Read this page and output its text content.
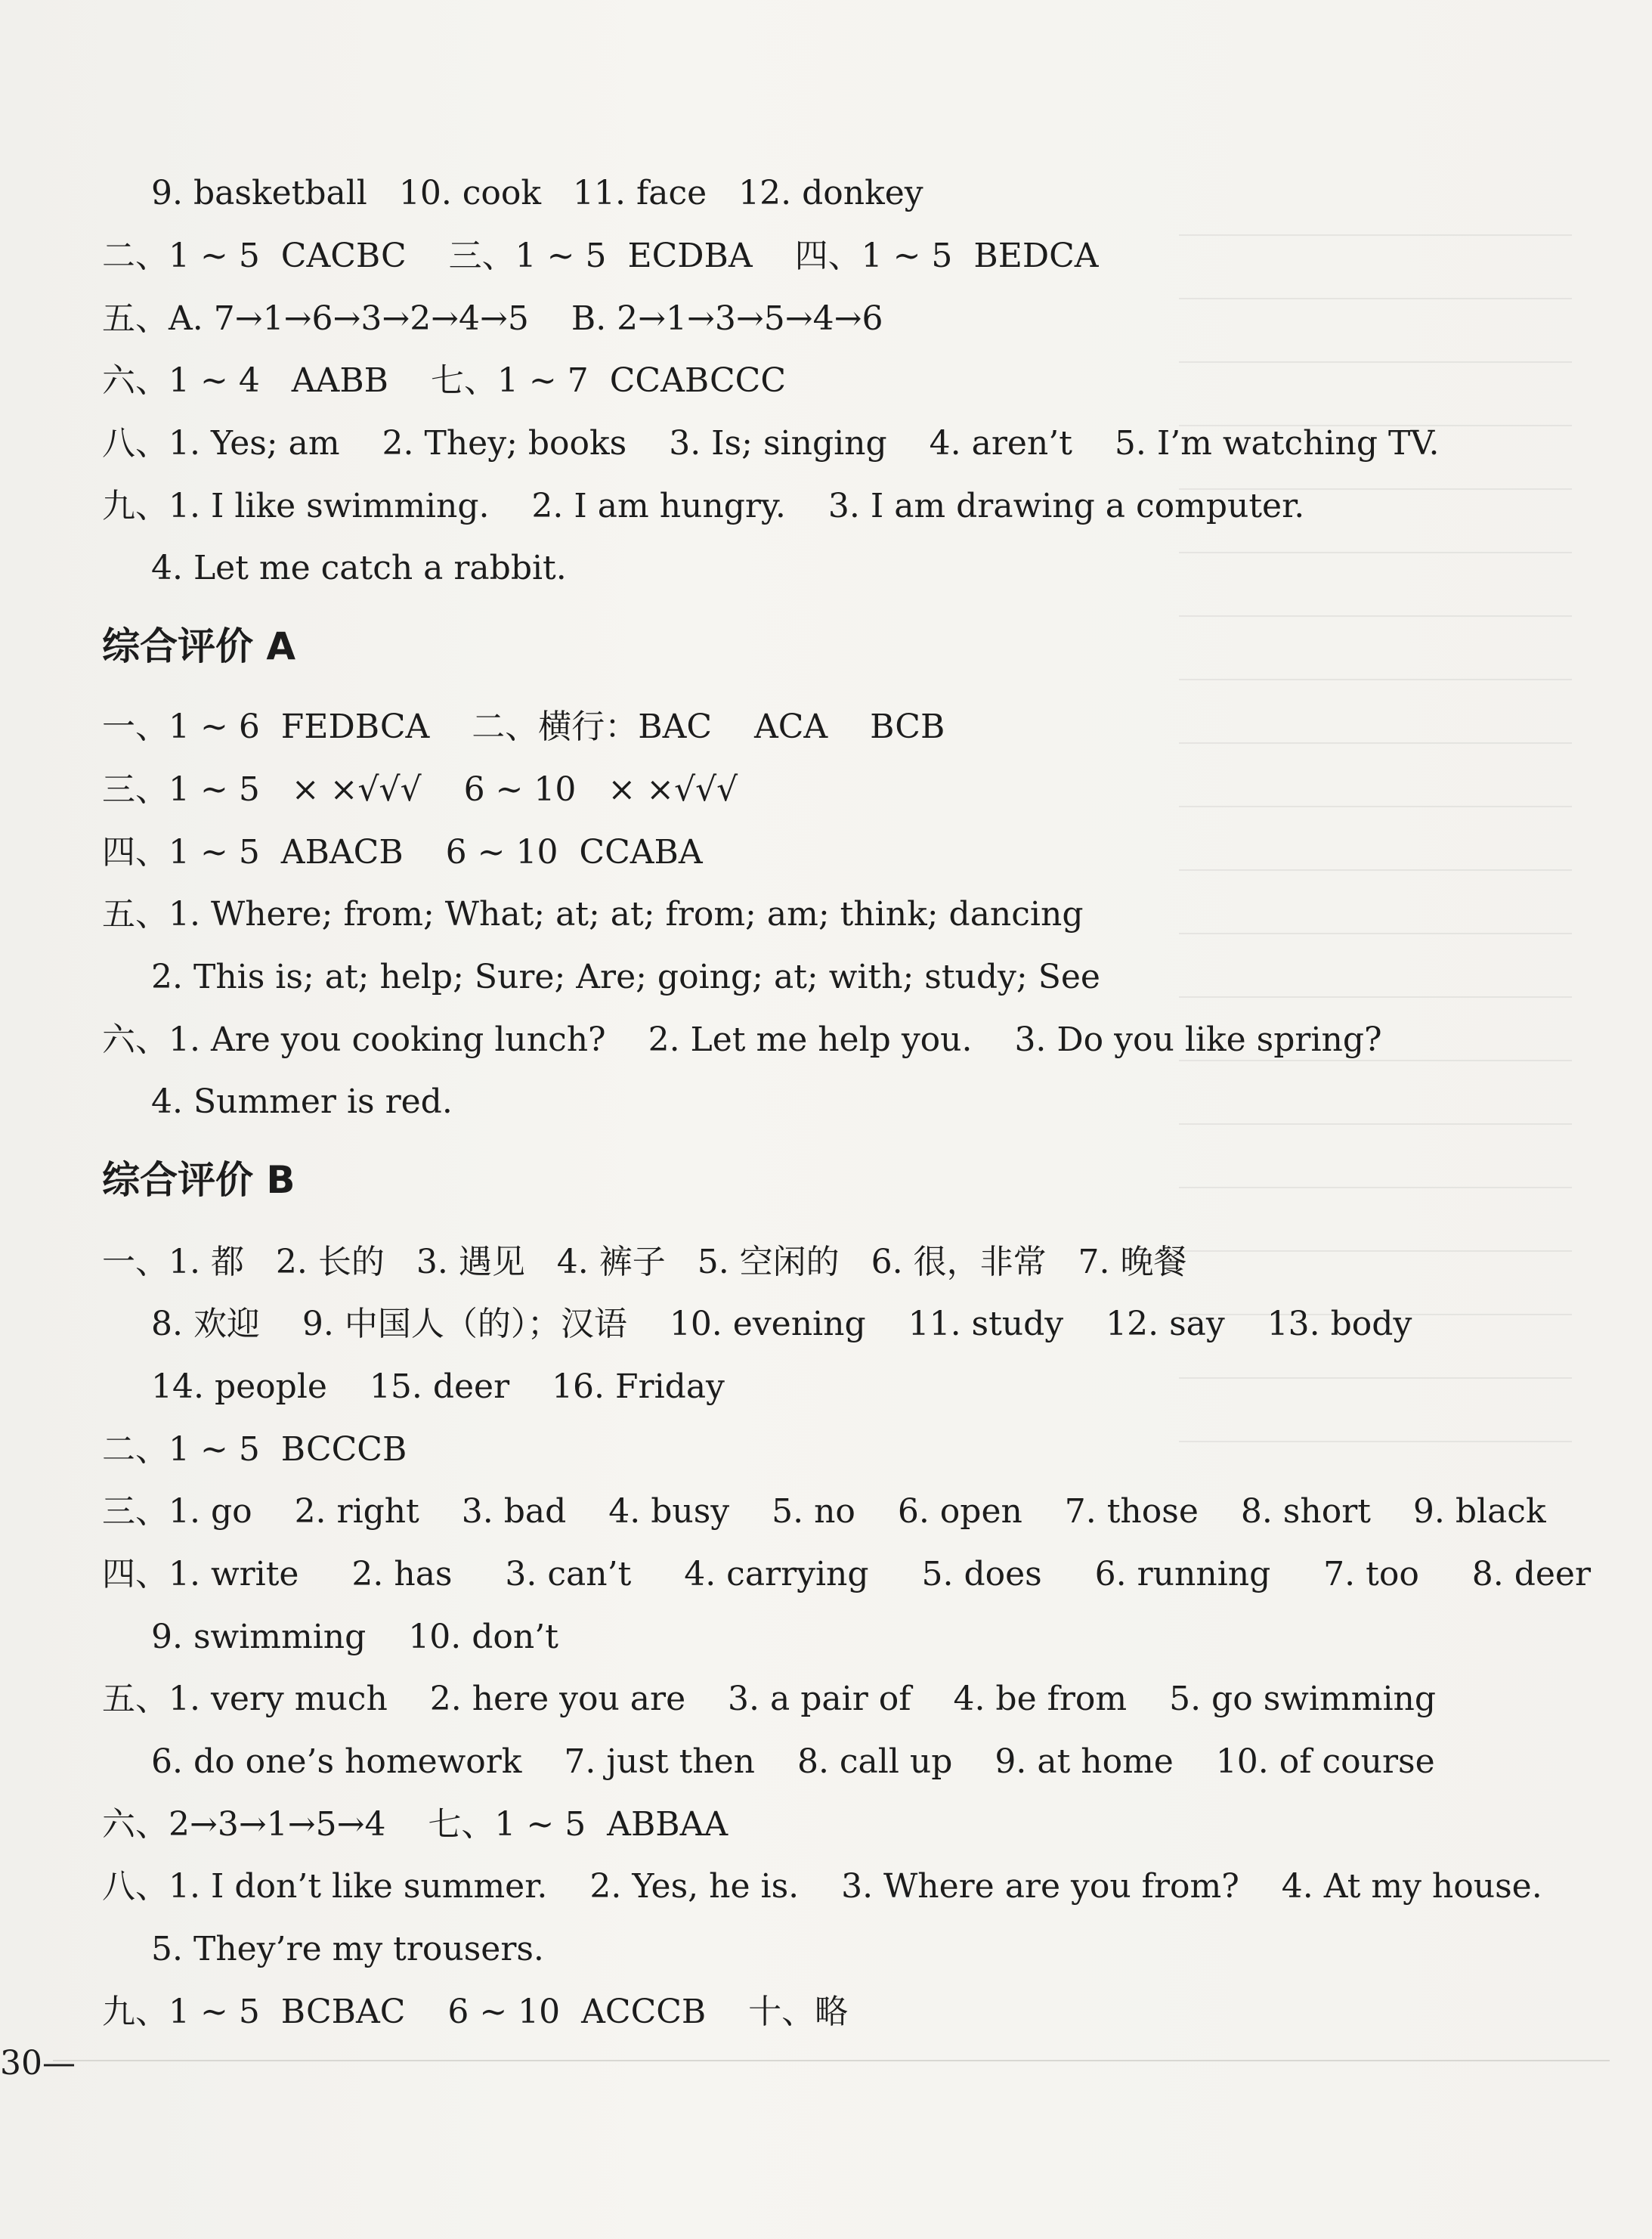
9. basketball   10. cook   11. face   12. donkey
二、1 ~ 5  CACBC    三、1 ~ 5  ECDBA    四、1 ~ 5  BEDCA
五、A. 7→1→6→3→2→4→5    B. 2→1→3→5→4→6
六、1 ~ 4   AABB    七、1 ~ 7  CCABCCC
八、1. Yes; am    2. They; books    3. Is; singing    4. aren’t    5. I’m watching TV.
九、1. I like swimming.    2. I am hungry.    3. I am drawing a computer.
4. Let me catch a rabbit.
综合评价 A
一、1 ~ 6  FEDBCA    二、横行：BAC    ACA    BCB
三、1 ~ 5   × ×√√√    6 ~ 10   × ×√√√
四、1 ~ 5  ABACB    6 ~ 10  CCABA
五、1. Where; from; What; at; at; from; am; think; dancing
2. This is; at; help; Sure; Are; going; at; with; study; See
六、1. Are you cooking lunch?    2. Let me help you.    3. Do you like spring?
4. Summer is red.
综合评价 B
一、1. 都   2. 长的   3. 遇见   4. 裤子   5. 空闲的   6. 很，非常   7. 晚餐
8. 欢迎    9. 中国人（的）；汉语    10. evening    11. study    12. say    13. body
14. people    15. deer    16. Friday
二、1 ~ 5  BCCCB
三、1. go    2. right    3. bad    4. busy    5. no    6. open    7. those    8. short    9. black
四、1. write     2. has     3. can’t     4. carrying     5. does     6. running     7. too     8. deer
9. swimming    10. don’t
五、1. very much    2. here you are    3. a pair of    4. be from    5. go swimming
6. do one’s homework    7. just then    8. call up    9. at home    10. of course
六、2→3→1→5→4    七、1 ~ 5  ABBAA
八、1. I don’t like summer.    2. Yes, he is.    3. Where are you from?    4. At my house.
5. They’re my trousers.
九、1 ~ 5  BCBAC    6 ~ 10  ACCCB    十、略
30—
